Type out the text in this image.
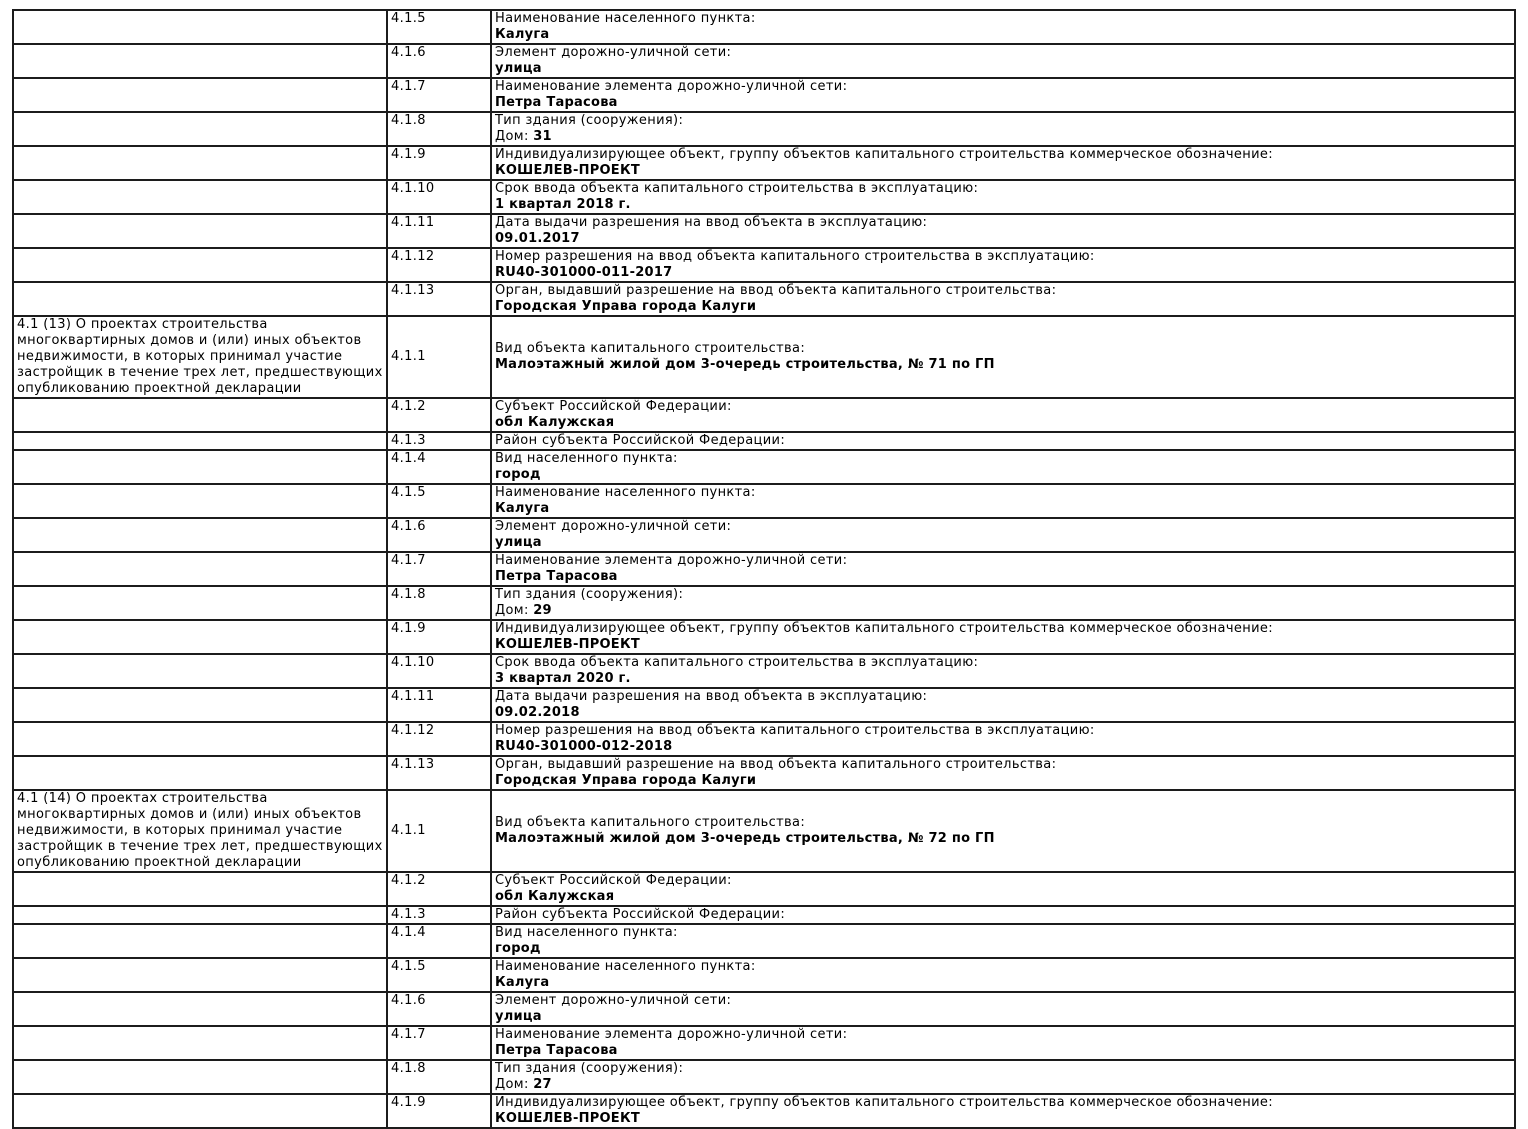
	4.1.5	Наименование населенного пункта:
Калуга

	4.1.6	Элемент дорожно-уличной сети:
улица

	4.1.7	Наименование элемента дорожно-уличной сети:
Петра Тарасова

	4.1.8	Тип здания (сооружения):
Дом: 31

	4.1.9	Индивидуализирующее объект, группу объектов капитального строительства коммерческое обозначение:
КОШЕЛЕВ-ПРОЕКТ

	4.1.10	Срок ввода объекта капитального строительства в эксплуатацию:
1 квартал 2018 г.

	4.1.11	Дата выдачи разрешения на ввод объекта в эксплуатацию:
09.01.2017

	4.1.12	Номер разрешения на ввод объекта капитального строительства в эксплуатацию:
RU40-301000-011-2017

	4.1.13	Орган, выдавший разрешение на ввод объекта капитального строительства:
Городская Управа города Калуги

4.1 (13) О проектах строительства многоквартирных домов и (или) иных объектов недвижимости, в которых принимал участие застройщик в течение трех лет, предшествующих опубликованию проектной декларации	4.1.1	Вид объекта капитального строительства:
Малоэтажный жилой дом 3-очередь строительства, № 71 по ГП

	4.1.2	Субъект Российской Федерации:
обл Калужская

	4.1.3	Район субъекта Российской Федерации:

	4.1.4	Вид населенного пункта:
город

	4.1.5	Наименование населенного пункта:
Калуга

	4.1.6	Элемент дорожно-уличной сети:
улица

	4.1.7	Наименование элемента дорожно-уличной сети:
Петра Тарасова

	4.1.8	Тип здания (сооружения):
Дом: 29

	4.1.9	Индивидуализирующее объект, группу объектов капитального строительства коммерческое обозначение:
КОШЕЛЕВ-ПРОЕКТ

	4.1.10	Срок ввода объекта капитального строительства в эксплуатацию:
3 квартал 2020 г.

	4.1.11	Дата выдачи разрешения на ввод объекта в эксплуатацию:
09.02.2018

	4.1.12	Номер разрешения на ввод объекта капитального строительства в эксплуатацию:
RU40-301000-012-2018

	4.1.13	Орган, выдавший разрешение на ввод объекта капитального строительства:
Городская Управа города Калуги

4.1 (14) О проектах строительства многоквартирных домов и (или) иных объектов недвижимости, в которых принимал участие застройщик в течение трех лет, предшествующих опубликованию проектной декларации	4.1.1	Вид объекта капитального строительства:
Малоэтажный жилой дом 3-очередь строительства, № 72 по ГП

	4.1.2	Субъект Российской Федерации:
обл Калужская

	4.1.3	Район субъекта Российской Федерации:

	4.1.4	Вид населенного пункта:
город

	4.1.5	Наименование населенного пункта:
Калуга

	4.1.6	Элемент дорожно-уличной сети:
улица

	4.1.7	Наименование элемента дорожно-уличной сети:
Петра Тарасова

	4.1.8	Тип здания (сооружения):
Дом: 27

	4.1.9	Индивидуализирующее объект, группу объектов капитального строительства коммерческое обозначение:
КОШЕЛЕВ-ПРОЕКТ
